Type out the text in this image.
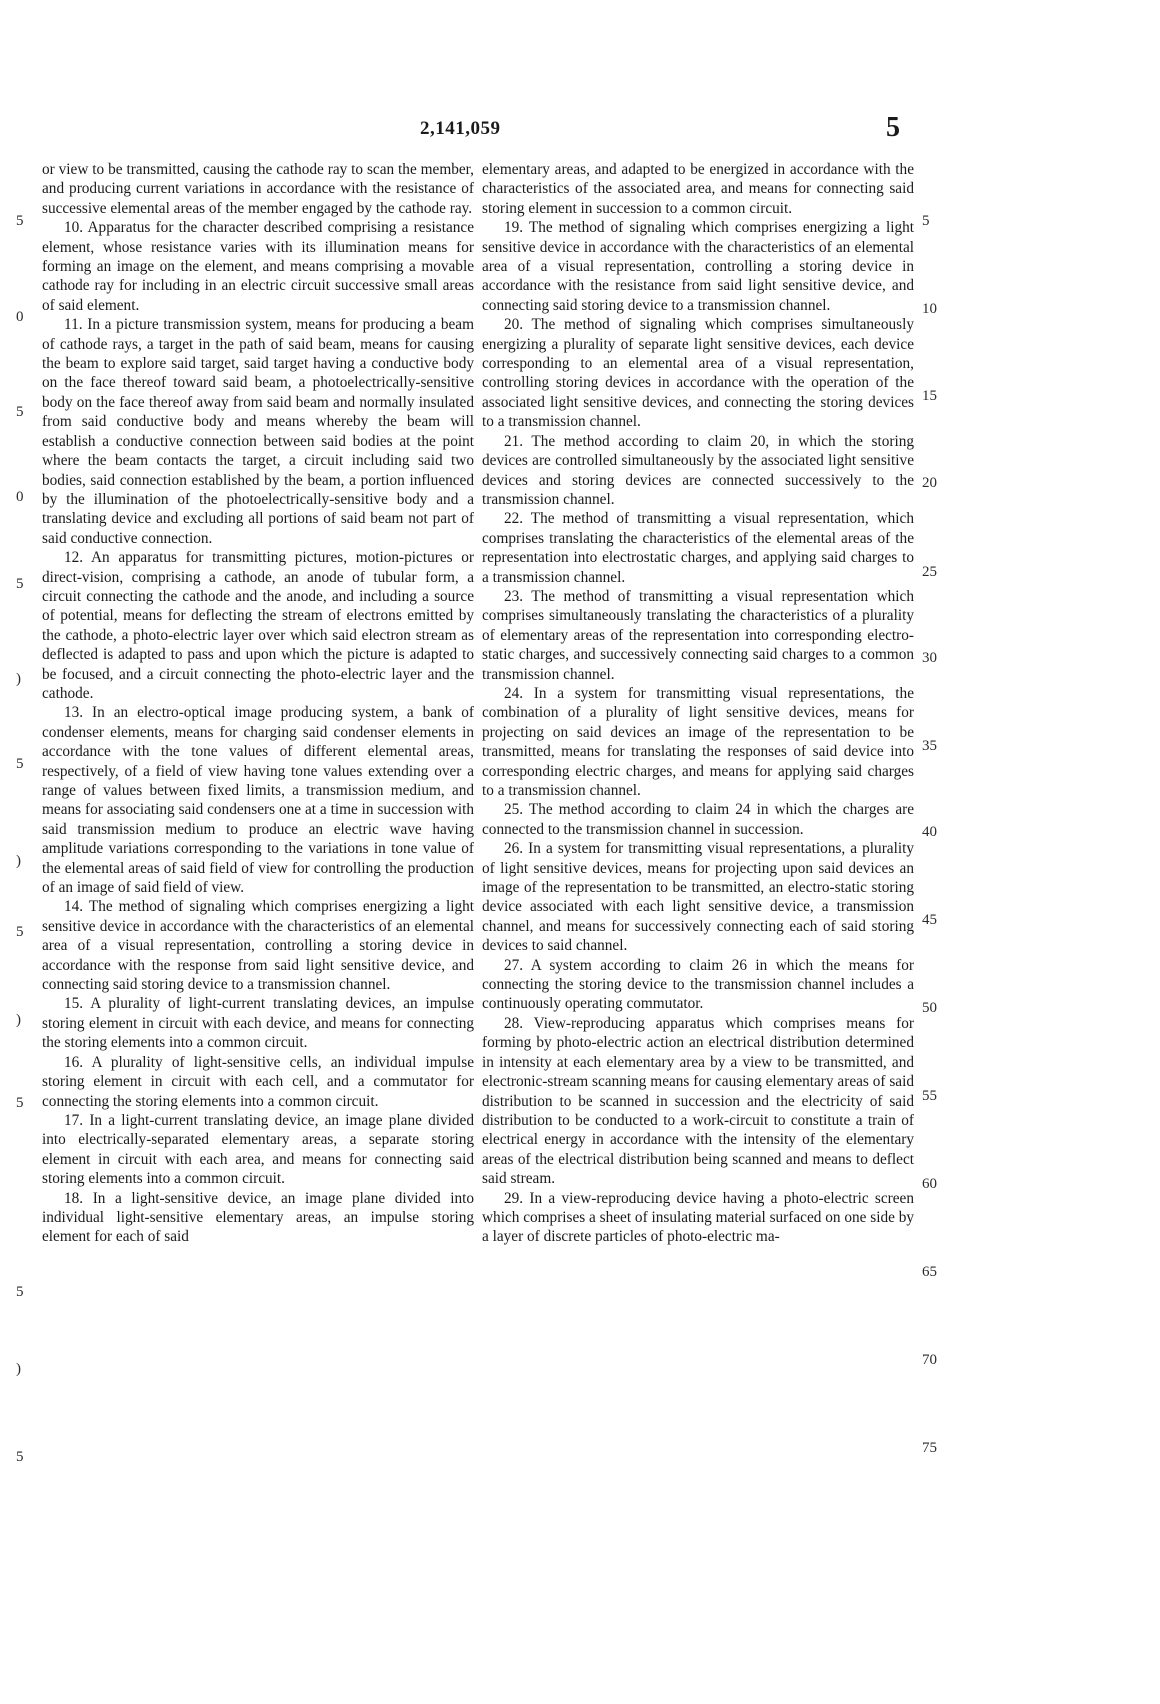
2,141,059	5

or view to be transmitted, causing the cathode ray to scan the member, and producing current variations in accordance with the resistance of successive elemental areas of the member engaged by the cathode ray.

10. Apparatus for the character described comprising a resistance element, whose resistance varies with its illumination means for forming an image on the element, and means comprising a movable cathode ray for including in an electric circuit successive small areas of said element.

11. In a picture transmission system, means for producing a beam of cathode rays, a target in the path of said beam, means for causing the beam to explore said target, said target having a conductive body on the face thereof toward said beam, a photoelectrically-sensitive body on the face thereof away from said beam and normally insulated from said conductive body and means whereby the beam will establish a conductive connection between said bodies at the point where the beam contacts the target, a circuit including said two bodies, said connection established by the beam, a portion influenced by the illumination of the photoelectrically-sensitive body and a translating device and excluding all portions of said beam not part of said conductive connection.

12. An apparatus for transmitting pictures, motion-pictures or direct-vision, comprising a cathode, an anode of tubular form, a circuit connecting the cathode and the anode, and including a source of potential, means for deflecting the stream of electrons emitted by the cathode, a photo-electric layer over which said electron stream as deflected is adapted to pass and upon which the picture is adapted to be focused, and a circuit connecting the photo-electric layer and the cathode.

13. In an electro-optical image producing system, a bank of condenser elements, means for charging said condenser elements in accordance with the tone values of different elemental areas, respectively, of a field of view having tone values extending over a range of values between fixed limits, a transmission medium, and means for associating said condensers one at a time in succession with said transmission medium to produce an electric wave having amplitude variations corresponding to the variations in tone value of the elemental areas of said field of view for controlling the production of an image of said field of view.

14. The method of signaling which comprises energizing a light sensitive device in accordance with the characteristics of an elemental area of a visual representation, controlling a storing device in accordance with the response from said light sensitive device, and connecting said storing device to a transmission channel.

15. A plurality of light-current translating devices, an impulse storing element in circuit with each device, and means for connecting the storing elements into a common circuit.

16. A plurality of light-sensitive cells, an individual impulse storing element in circuit with each cell, and a commutator for connecting the storing elements into a common circuit.

17. In a light-current translating device, an image plane divided into electrically-separated elementary areas, a separate storing element in circuit with each area, and means for connecting said storing elements into a common circuit.

18. In a light-sensitive device, an image plane divided into individual light-sensitive elementary areas, an impulse storing element for each of said

elementary areas, and adapted to be energized in accordance with the characteristics of the associated area, and means for connecting said storing element in succession to a common circuit.

19. The method of signaling which comprises energizing a light sensitive device in accordance with the characteristics of an elemental area of a visual representation, controlling a storing device in accordance with the resistance from said light sensitive device, and connecting said storing device to a transmission channel.

20. The method of signaling which comprises simultaneously energizing a plurality of separate light sensitive devices, each device corresponding to an elemental area of a visual representation, controlling storing devices in accordance with the operation of the associated light sensitive devices, and connecting the storing devices to a transmission channel.

21. The method according to claim 20, in which the storing devices are controlled simultaneously by the associated light sensitive devices and storing devices are connected successively to the transmission channel.

22. The method of transmitting a visual representation, which comprises translating the characteristics of the elemental areas of the representation into electrostatic charges, and applying said charges to a transmission channel.

23. The method of transmitting a visual representation which comprises simultaneously translating the characteristics of a plurality of elementary areas of the representation into corresponding electro-static charges, and successively connecting said charges to a common transmission channel.

24. In a system for transmitting visual representations, the combination of a plurality of light sensitive devices, means for projecting on said devices an image of the representation to be transmitted, means for translating the responses of said device into corresponding electric charges, and means for applying said charges to a transmission channel.

25. The method according to claim 24 in which the charges are connected to the transmission channel in succession.

26. In a system for transmitting visual representations, a plurality of light sensitive devices, means for projecting upon said devices an image of the representation to be transmitted, an electro-static storing device associated with each light sensitive device, a transmission channel, and means for successively connecting each of said storing devices to said channel.

27. A system according to claim 26 in which the means for connecting the storing device to the transmission channel includes a continuously operating commutator.

28. View-reproducing apparatus which comprises means for forming by photo-electric action an electrical distribution determined in intensity at each elementary area by a view to be transmitted, and electronic-stream scanning means for causing elementary areas of said distribution to be scanned in succession and the electricity of said distribution to be conducted to a work-circuit to constitute a train of electrical energy in accordance with the intensity of the elementary areas of the electrical distribution being scanned and means to deflect said stream.

29. In a view-reproducing device having a photo-electric screen which comprises a sheet of insulating material surfaced on one side by a layer of discrete particles of photo-electric ma-

5
0
5
0
5
)
5
)
5
)
5
5
)
5
5
10
15
20
25
30
35
40
45
50
55
60
65
70
75
